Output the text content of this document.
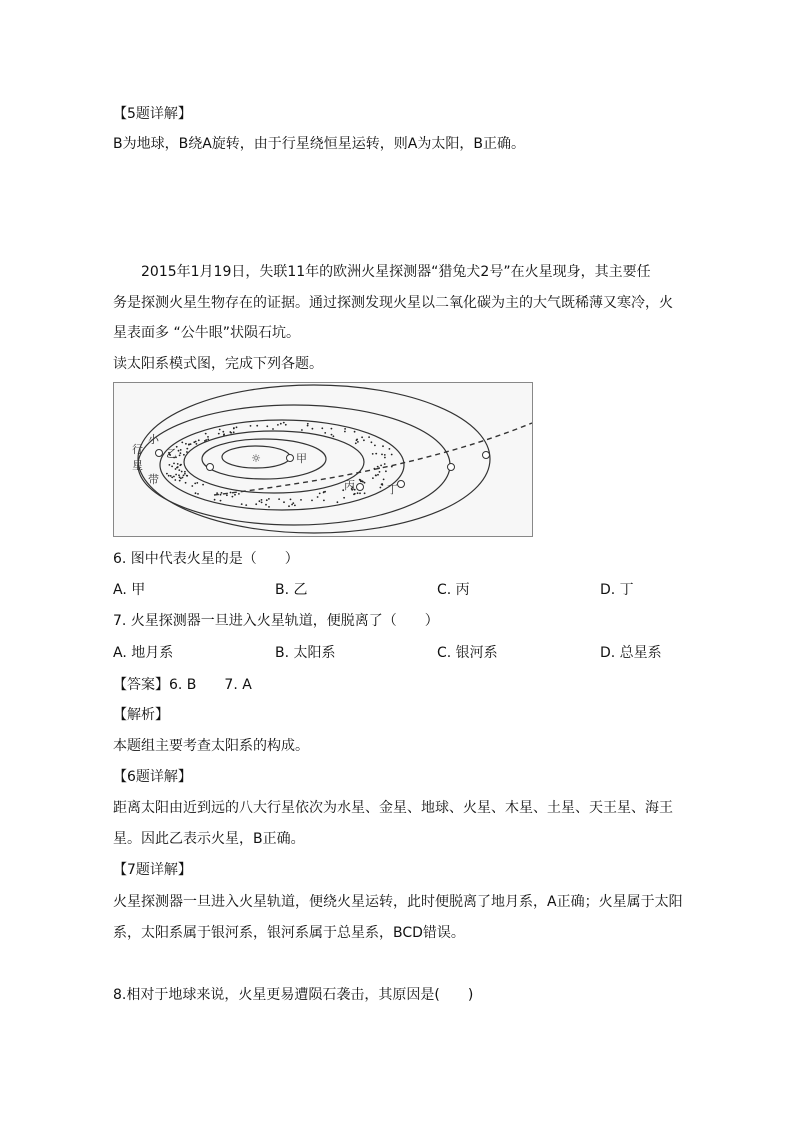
【5题详解】
B为地球，B绕A旋转，由于行星绕恒星运转，则A为太阳，B正确。
2015年1月19日，失联11年的欧洲火星探测器“猎兔犬2号”在火星现身，其主要任
务是探测火星生物存在的证据。通过探测发现火星以二氧化碳为主的大气既稀薄又寒冷，火
星表面多 “公牛眼”状陨石坑。
读太阳系模式图，完成下列各题。
☼
行
星
带
小
乙	甲
丙	丁
6. 图中代表火星的是（　　）
A. 甲	B. 乙	C. 丙	D. 丁
7. 火星探测器一旦进入火星轨道，便脱离了（　　）
A. 地月系	B. 太阳系	C. 银河系	D. 总星系
【答案】6. B　　7. A
【解析】
本题组主要考查太阳系的构成。
【6题详解】
距离太阳由近到远的八大行星依次为水星、金星、地球、火星、木星、土星、天王星、海王
星。因此乙表示火星，B正确。
【7题详解】
火星探测器一旦进入火星轨道，便绕火星运转，此时便脱离了地月系，A正确；火星属于太阳
系，太阳系属于银河系，银河系属于总星系，BCD错误。
8.相对于地球来说，火星更易遭陨石袭击，其原因是(　　)
